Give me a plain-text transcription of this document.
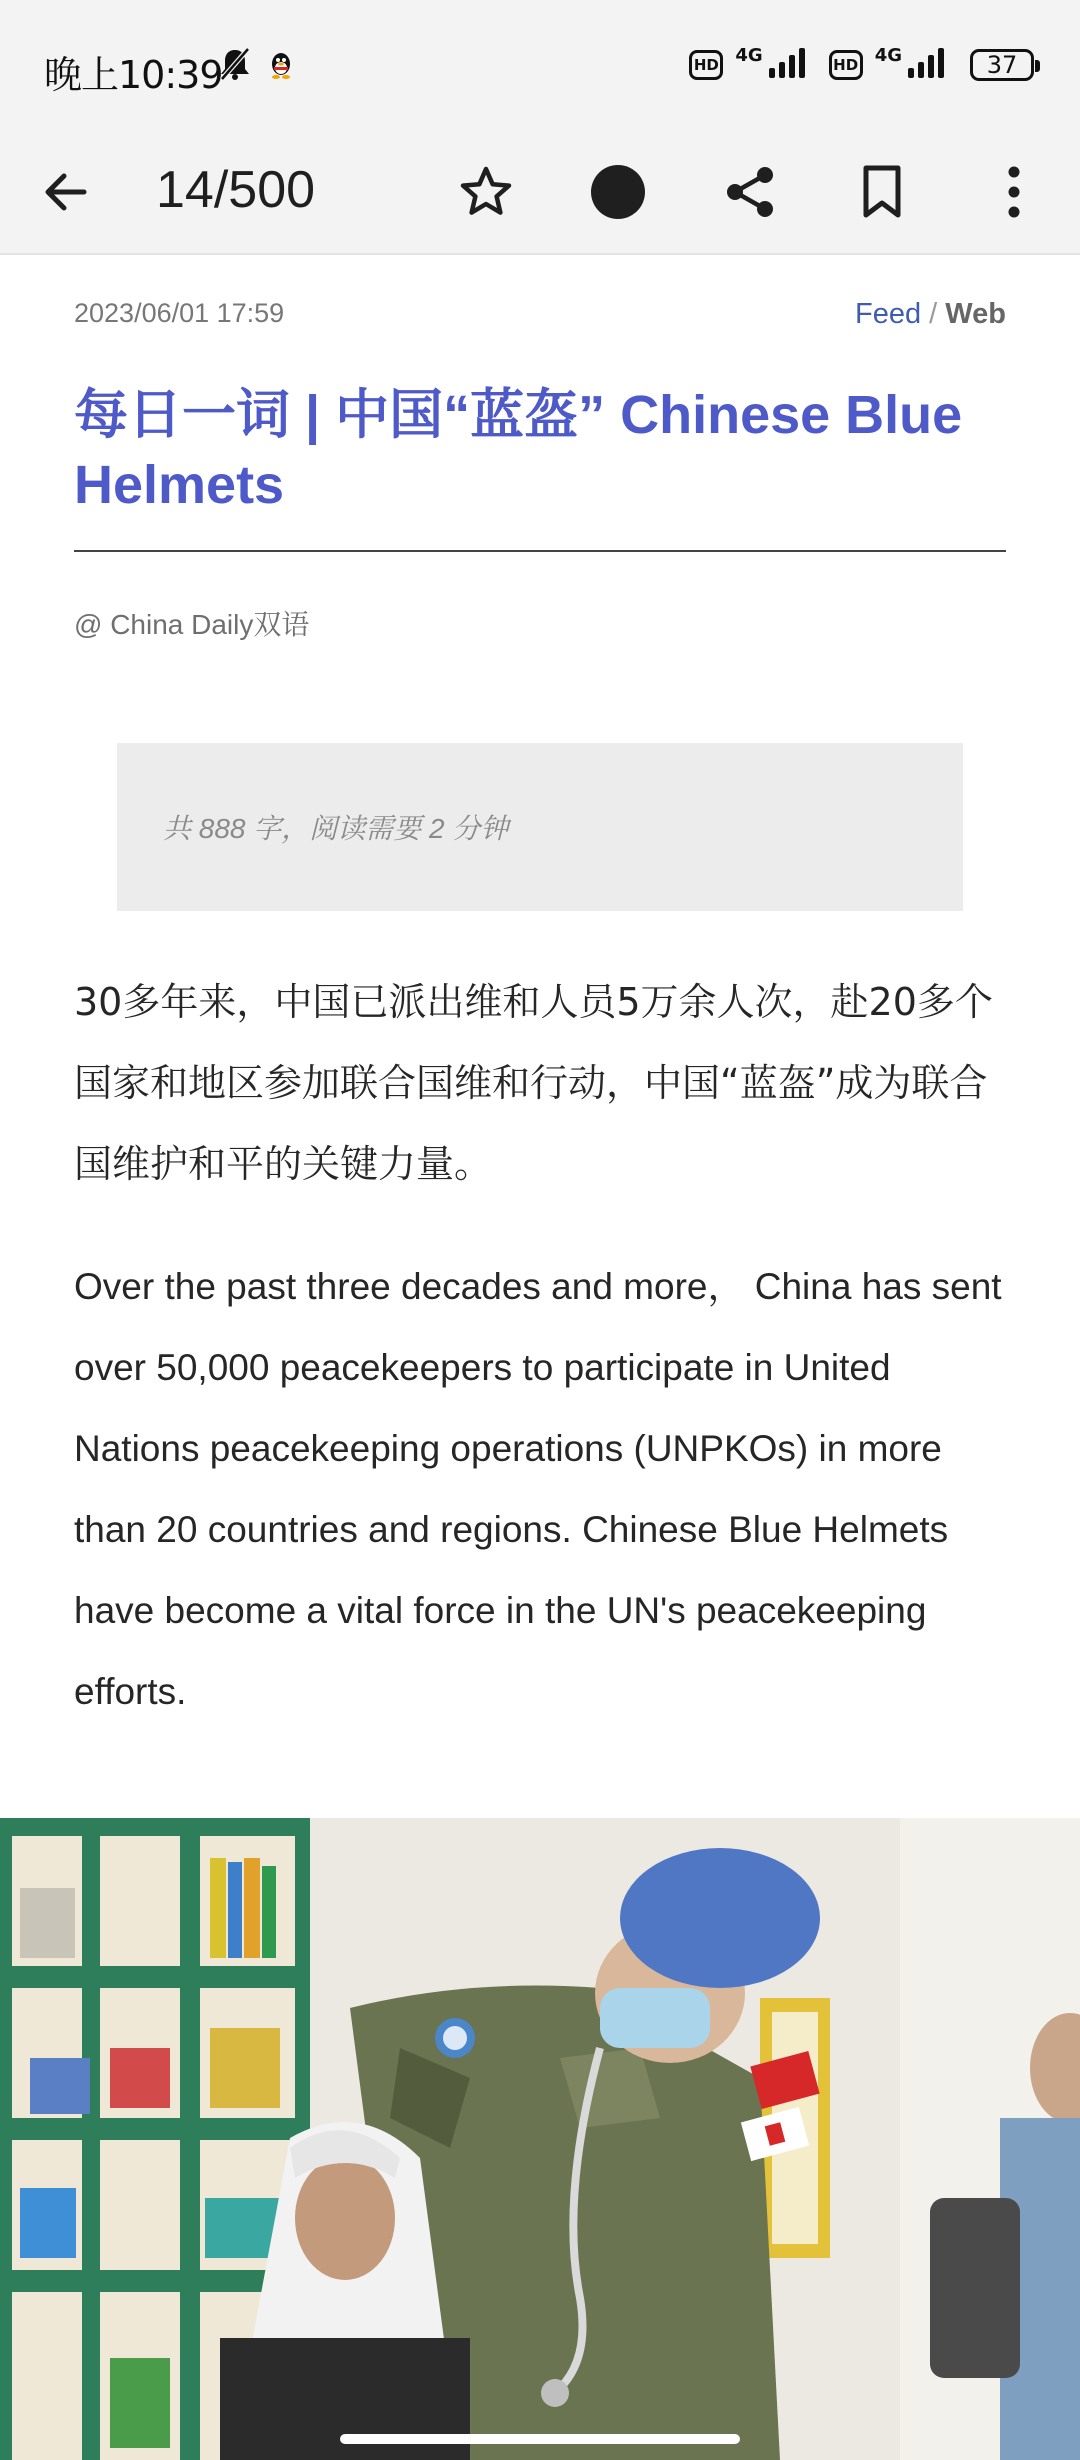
晚上10:39	HD 4G	HD 4G	37
14/500
2023/06/01 17:59	Feed / Web
每日一词 | 中国“蓝盔” Chinese Blue Helmets
@ China Daily双语
共 888 字，阅读需要 2 分钟

30多年来，中国已派出维和人员5万余人次，赴20多个国家和地区参加联合国维和行动，中国“蓝盔”成为联合国维护和平的关键力量。

Over the past three decades and more， China has sent over 50,000 peacekeepers to participate in United Nations peacekeeping operations (UNPKOs) in more than 20 countries and regions. Chinese Blue Helmets have become a vital force in the UN's peacekeeping efforts.
